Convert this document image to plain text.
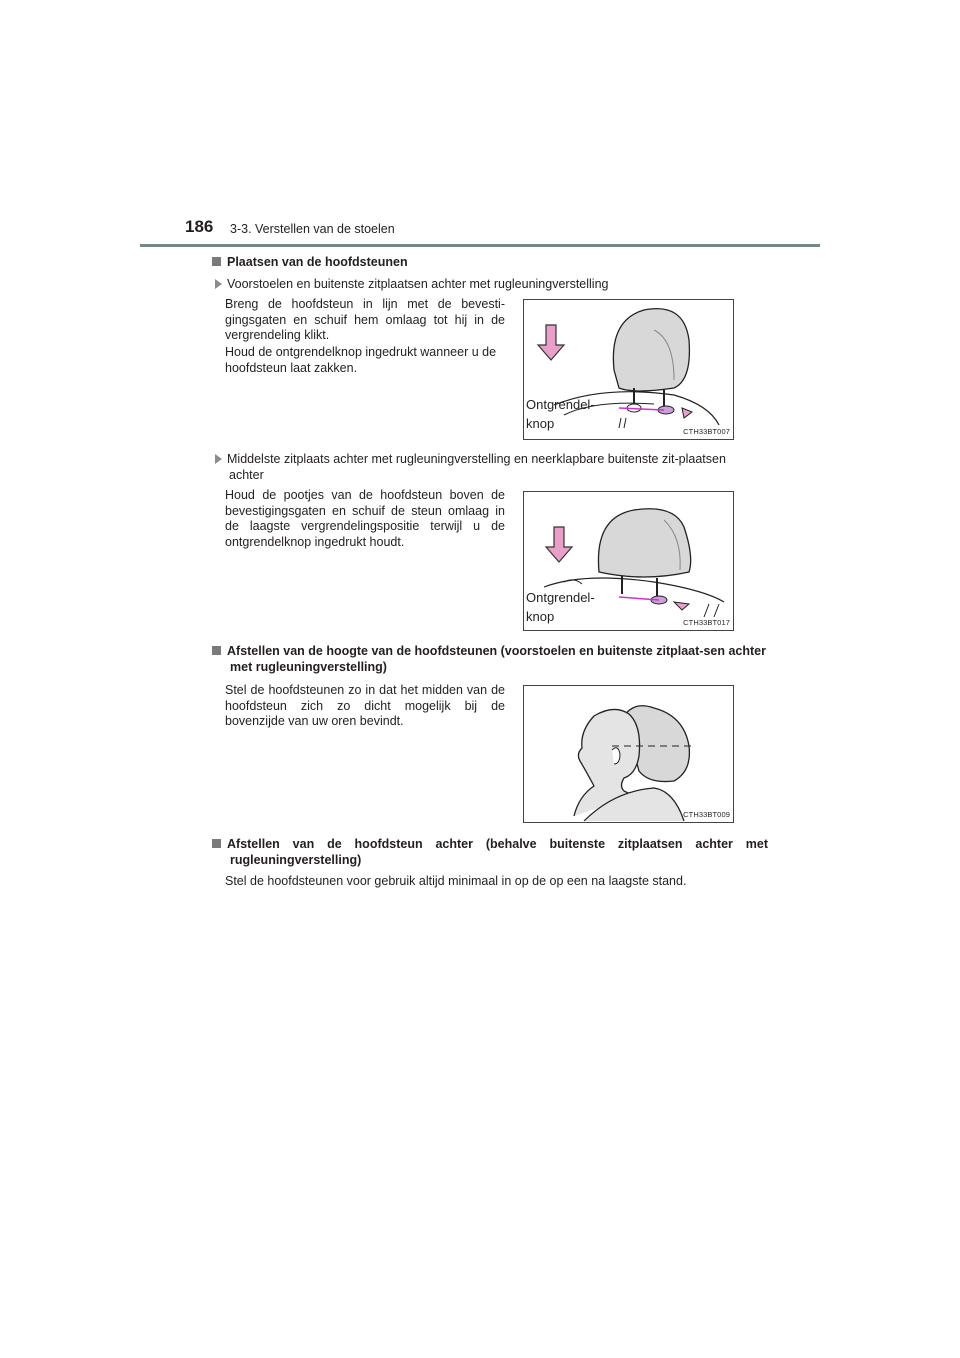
186 3-3. Verstellen van de stoelen
Plaatsen van de hoofdsteunen
Voorstoelen en buitenste zitplaatsen achter met rugleuningverstelling
Breng de hoofdsteun in lijn met de bevesti-gingsgaten en schuif hem omlaag tot hij in de vergrendeling klikt.
Houd de ontgrendelknop ingedrukt wanneer u de hoofdsteun laat zakken.
Ontgrendel-
knop
CTH33BT007
Middelste zitplaats achter met rugleuningverstelling en neerklapbare buitenste zit-plaatsen achter
Houd de pootjes van de hoofdsteun boven de bevestigingsgaten en schuif de steun omlaag in de laagste vergrendelingspositie terwijl u de ontgrendelknop ingedrukt houdt.
Ontgrendel-
knop	CTH33BT017
Afstellen van de hoogte van de hoofdsteunen (voorstoelen en buitenste zitplaat-sen achter met rugleuningverstelling)
Stel de hoofdsteunen zo in dat het midden van de hoofdsteun zich zo dicht mogelijk bij de bovenzijde van uw oren bevindt.
CTH33BT009
Afstellen van de hoofdsteun achter (behalve buitenste zitplaatsen achter met rugleuningverstelling)
Stel de hoofdsteunen voor gebruik altijd minimaal in op de op een na laagste stand.
